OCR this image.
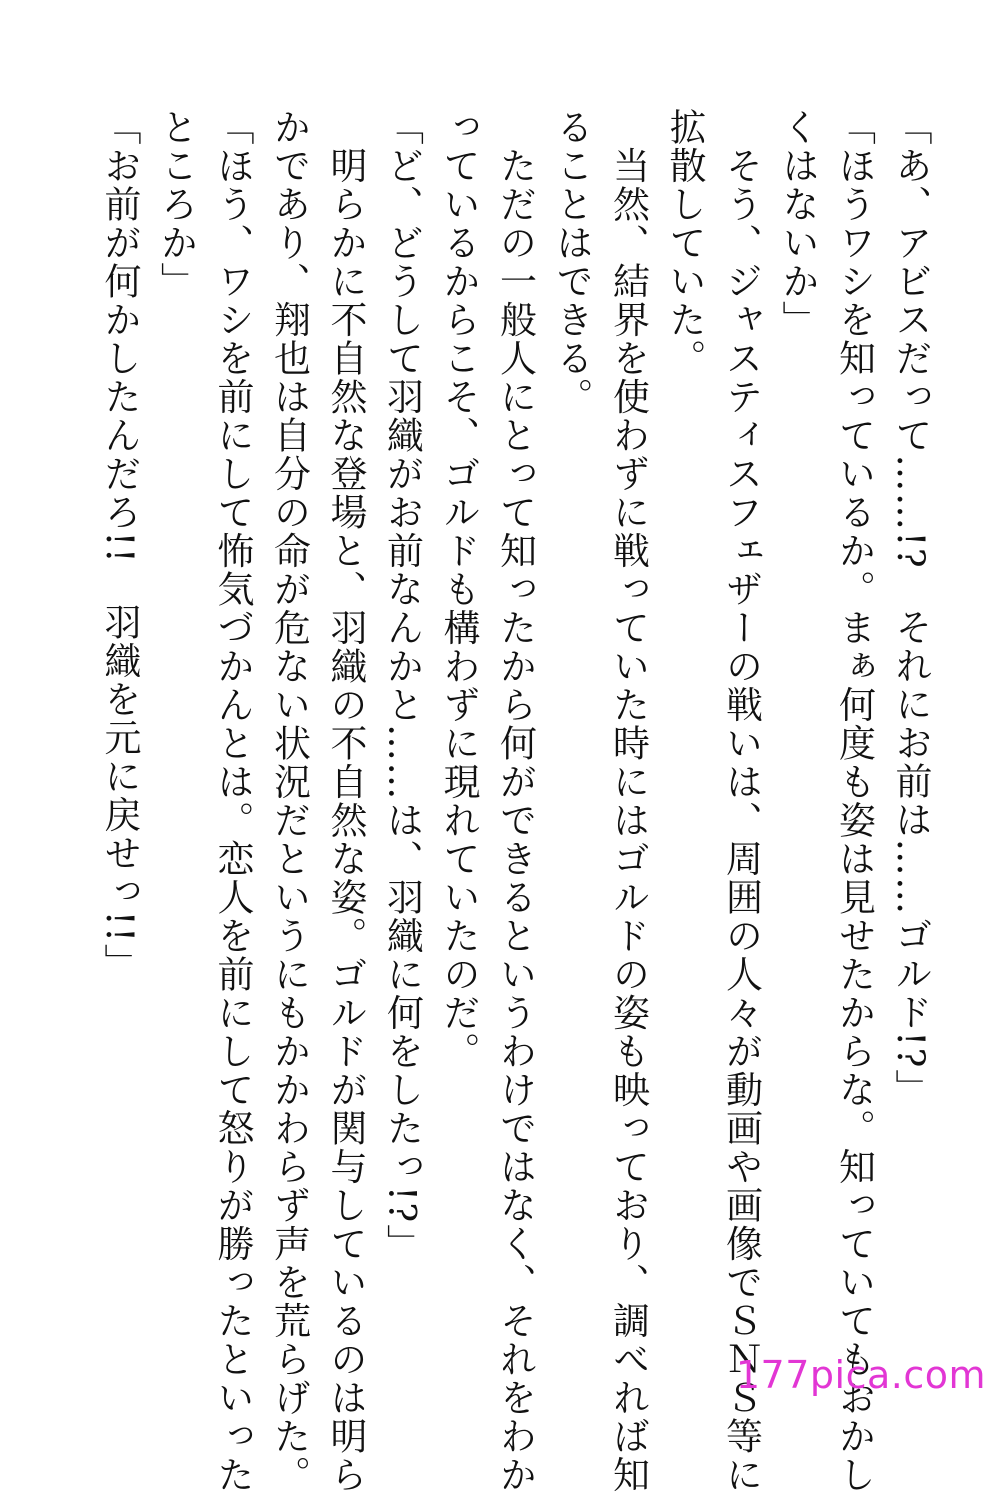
「あ、アビスだって……!?　それにお前は……ゴルド!?」
「ほうワシを知っているか。まぁ何度も姿は見せたからな。知っていてもおかし
くはないか」
　そう、ジャスティスフェザーの戦いは、周囲の人々が動画や画像でＳＮＳ等に
拡散していた。
　当然、結界を使わずに戦っていた時にはゴルドの姿も映っており、調べれば知
ることはできる。
　ただの一般人にとって知ったから何ができるというわけではなく、それをわか
っているからこそ、ゴルドも構わずに現れていたのだ。
「ど、どうして羽織がお前なんかと……は、羽織に何をしたっ!?」
　明らかに不自然な登場と、羽織の不自然な姿。ゴルドが関与しているのは明ら
かであり、翔也は自分の命が危ない状況だというにもかかわらず声を荒らげた。
「ほう、ワシを前にして怖気づかんとは。恋人を前にして怒りが勝ったといった
ところか」
「お前が何かしたんだろ!!　羽織を元に戻せっ!!」
177pica.com
